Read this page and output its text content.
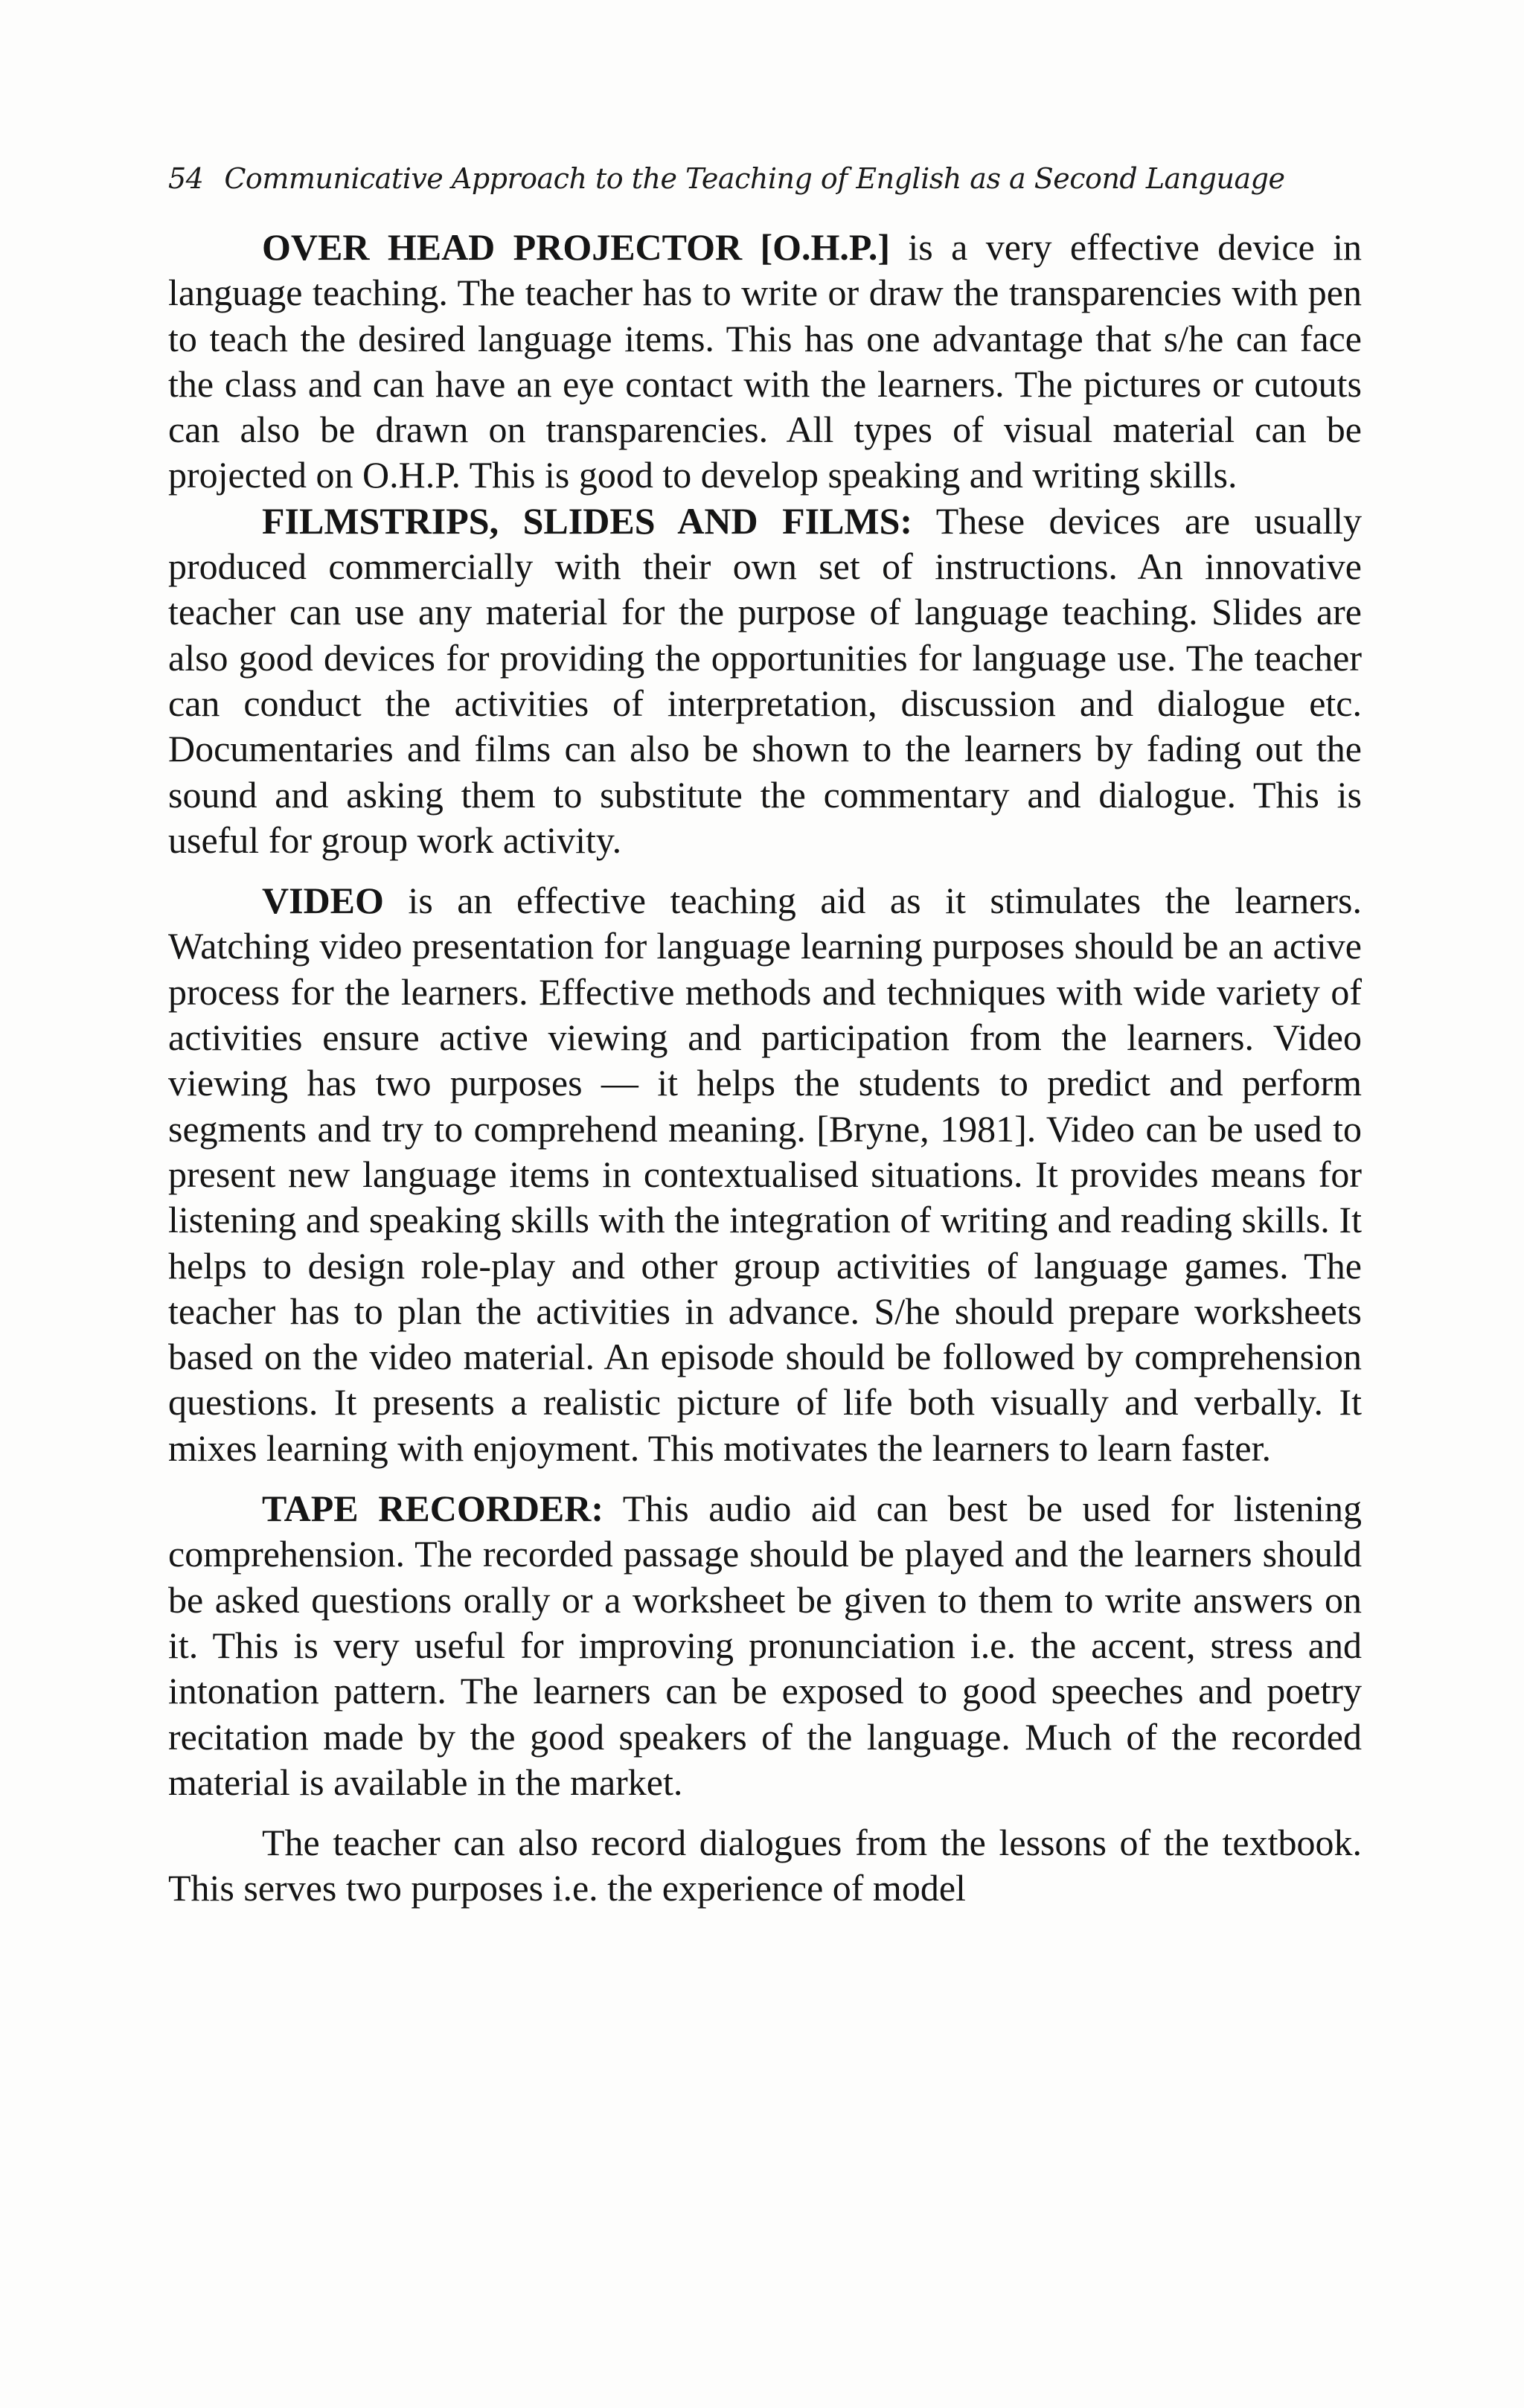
54 Communicative Approach to the Teaching of English as a Second Language

OVER HEAD PROJECTOR [O.H.P.] is a very effective device in language teaching. The teacher has to write or draw the transparencies with pen to teach the desired language items. This has one advantage that s/he can face the class and can have an eye contact with the learners. The pictures or cutouts can also be drawn on transparencies. All types of visual material can be projected on O.H.P. This is good to develop speaking and writing skills.

FILMSTRIPS, SLIDES AND FILMS: These devices are usually produced commercially with their own set of instructions. An innovative teacher can use any material for the purpose of language teaching. Slides are also good devices for providing the opportunities for language use. The teacher can conduct the activities of interpretation, discussion and dialogue etc. Documentaries and films can also be shown to the learners by fading out the sound and asking them to substitute the commentary and dialogue. This is useful for group work activity.

VIDEO is an effective teaching aid as it stimulates the learners. Watching video presentation for language learning purposes should be an active process for the learners. Effective methods and techniques with wide variety of activities ensure active viewing and participation from the learners. Video viewing has two purposes — it helps the students to predict and perform segments and try to comprehend meaning. [Bryne, 1981]. Video can be used to present new language items in contextualised situations. It provides means for listening and speaking skills with the integration of writing and reading skills. It helps to design role-play and other group activities of language games. The teacher has to plan the activities in advance. S/he should prepare worksheets based on the video material. An episode should be followed by comprehension questions. It presents a realistic picture of life both visually and verbally. It mixes learning with enjoyment. This motivates the learners to learn faster.

TAPE RECORDER: This audio aid can best be used for listening comprehension. The recorded passage should be played and the learners should be asked questions orally or a worksheet be given to them to write answers on it. This is very useful for improving pronunciation i.e. the accent, stress and intonation pattern. The learners can be exposed to good speeches and poetry recitation made by the good speakers of the language. Much of the recorded material is available in the market.

The teacher can also record dialogues from the lessons of the textbook. This serves two purposes i.e. the experience of model
